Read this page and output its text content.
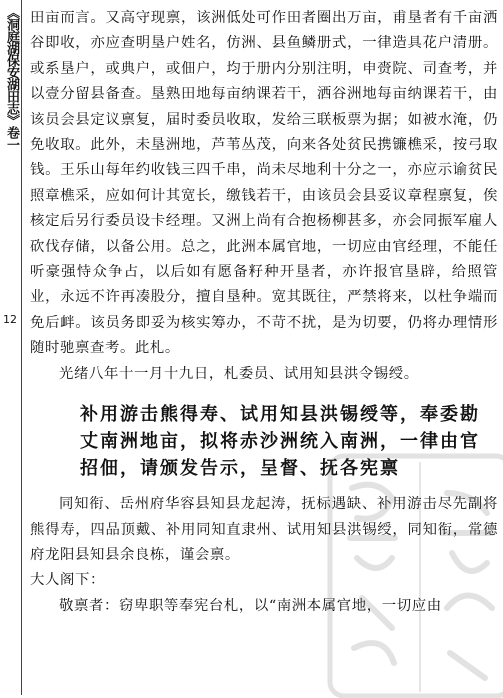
《洞庭湖保安湖田志》卷一
12

田亩而言。又高守现禀，该洲低处可作田者圈出万亩，甫垦者有千亩洒谷即收，亦应查明垦户姓名，仿洲、县鱼鳞册式，一律造具花户清册。或系垦户，或典户，或佃户，均于册内分别注明，申赍院、司查考，并以壹分留县备查。垦熟田地每亩纳课若干，洒谷洲地每亩纳课若干，由该员会县定议禀复，届时委员收取，发给三联板票为据；如被水淹，仍免收取。此外，未垦洲地，芦苇丛茂，向来各处贫民携镰樵采，按弓取钱。王乐山每年约收钱三四千串，尚未尽地利十分之一，亦应示谕贫民照章樵采，应如何计其宽长，缴钱若干，由该员会县妥议章程禀复，俟核定后另行委员设卡经理。又洲上尚有合抱杨柳甚多，亦会同振军雇人砍伐存储，以备公用。总之，此洲本属官地，一切应由官经理，不能任听豪强恃众争占，以后如有愿备籽种开垦者，亦许报官垦辟，给照管业，永远不许再凑股分，擅自垦种。宽其既往，严禁将来，以杜争端而免后衅。该员务即妥为核实筹办，不苛不扰，是为切要，仍将办理情形随时驰禀查考。此札。

光绪八年十一月十九日，札委员、试用知县洪令锡绶。

补用游击熊得寿、试用知县洪锡绶等，奉委勘丈南洲地亩，拟将赤沙洲统入南洲，一律由官招佃，请颁发告示，呈督、抚各宪禀

同知衔、岳州府华容县知县龙起涛，抚标遇缺、补用游击尽先副将熊得寿，四品顶戴、补用同知直隶州、试用知县洪锡绶，同知衔，常德府龙阳县知县余良栋，谨会禀。

大人阁下：

敬禀者：窃卑职等奉宪台札，以“南洲本属官地，一切应由
